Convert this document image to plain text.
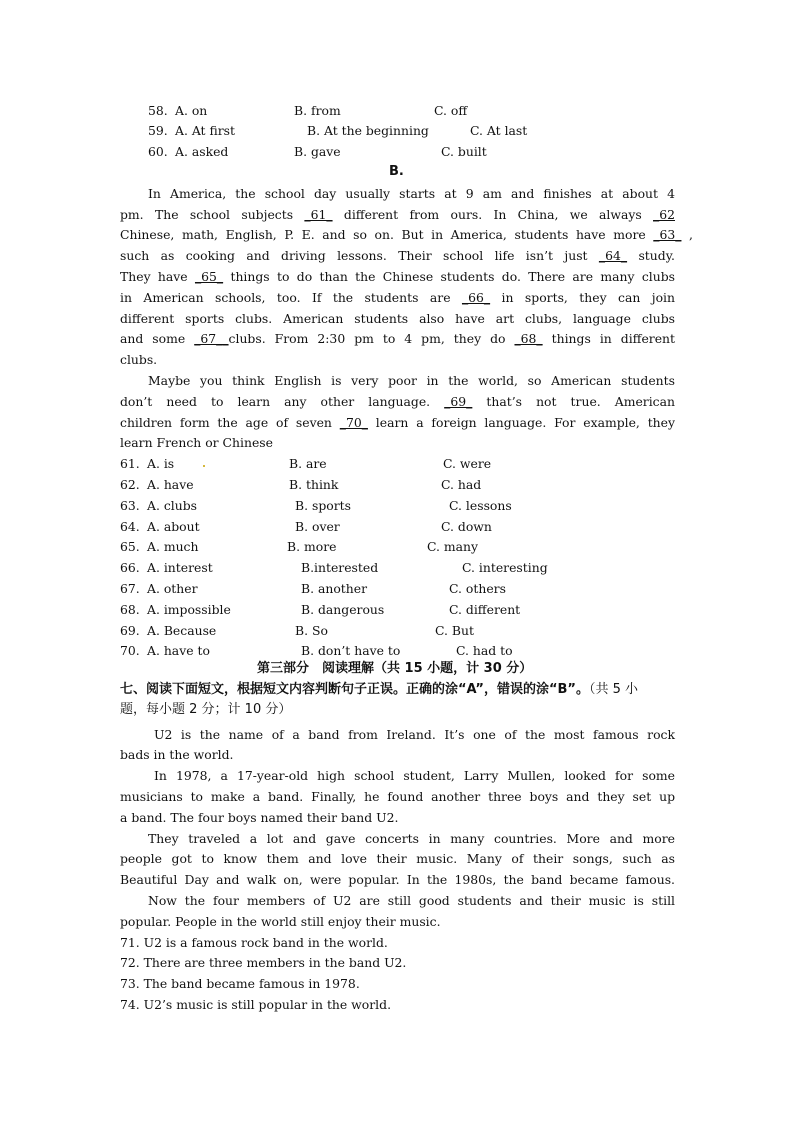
58. A. on	B. from	C. off
59. A. At first	B. At the beginning	C. At last
60. A. asked	B. gave	C. built
B.
In America, the school day usually starts at 9 am and finishes at about 4
pm. The school subjects _61_ different from ours. In China, we always _62
Chinese, math, English, P. E. and so on. But in America, students have more _63_ ,
such as cooking and driving lessons. Their school life isn’t just _64_ study.
They have _65_ things to do than the Chinese students do. There are many clubs
in American schools, too. If the students are _66_ in sports, they can join
different sports clubs. American students also have art clubs, language clubs
and some _67__clubs. From 2:30 pm to 4 pm, they do _68_ things in different
clubs.
Maybe you think English is very poor in the world, so American students
don’t need to learn any other language. _69_ that’s not true. American
children form the age of seven _70_ learn a foreign language. For example, they
learn French or Chinese
61. A. is	B. are	C. were
62. A. have	B. think	C. had
63. A. clubs	B. sports	C. lessons
64. A. about	B. over	C. down
65. A. much	B. more	C. many
66. A. interest	B.interested	C. interesting
67. A. other	B. another	C. others
68. A. impossible	B. dangerous	C. different
69. A. Because	B. So	C. But
70. A. have to	B. don’t have to	C. had to
第三部分　阅读理解（共 15 小题，计 30 分）
七、阅读下面短文，根据短文内容判断句子正误。正确的涂“A”，错误的涂“B”。（共 5 小
题，每小题 2 分；计 10 分）
U2 is the name of a band from Ireland. It’s one of the most famous rock
bads in the world.
In 1978, a 17-year-old high school student, Larry Mullen, looked for some
musicians to make a band. Finally, he found another three boys and they set up
a band. The four boys named their band U2.
They traveled a lot and gave concerts in many countries. More and more
people got to know them and love their music. Many of their songs, such as
Beautiful Day and walk on, were popular. In the 1980s, the band became famous.
Now the four members of U2 are still good students and their music is still
popular. People in the world still enjoy their music.
71. U2 is a famous rock band in the world.
72. There are three members in the band U2.
73. The band became famous in 1978.
74. U2’s music is still popular in the world.
